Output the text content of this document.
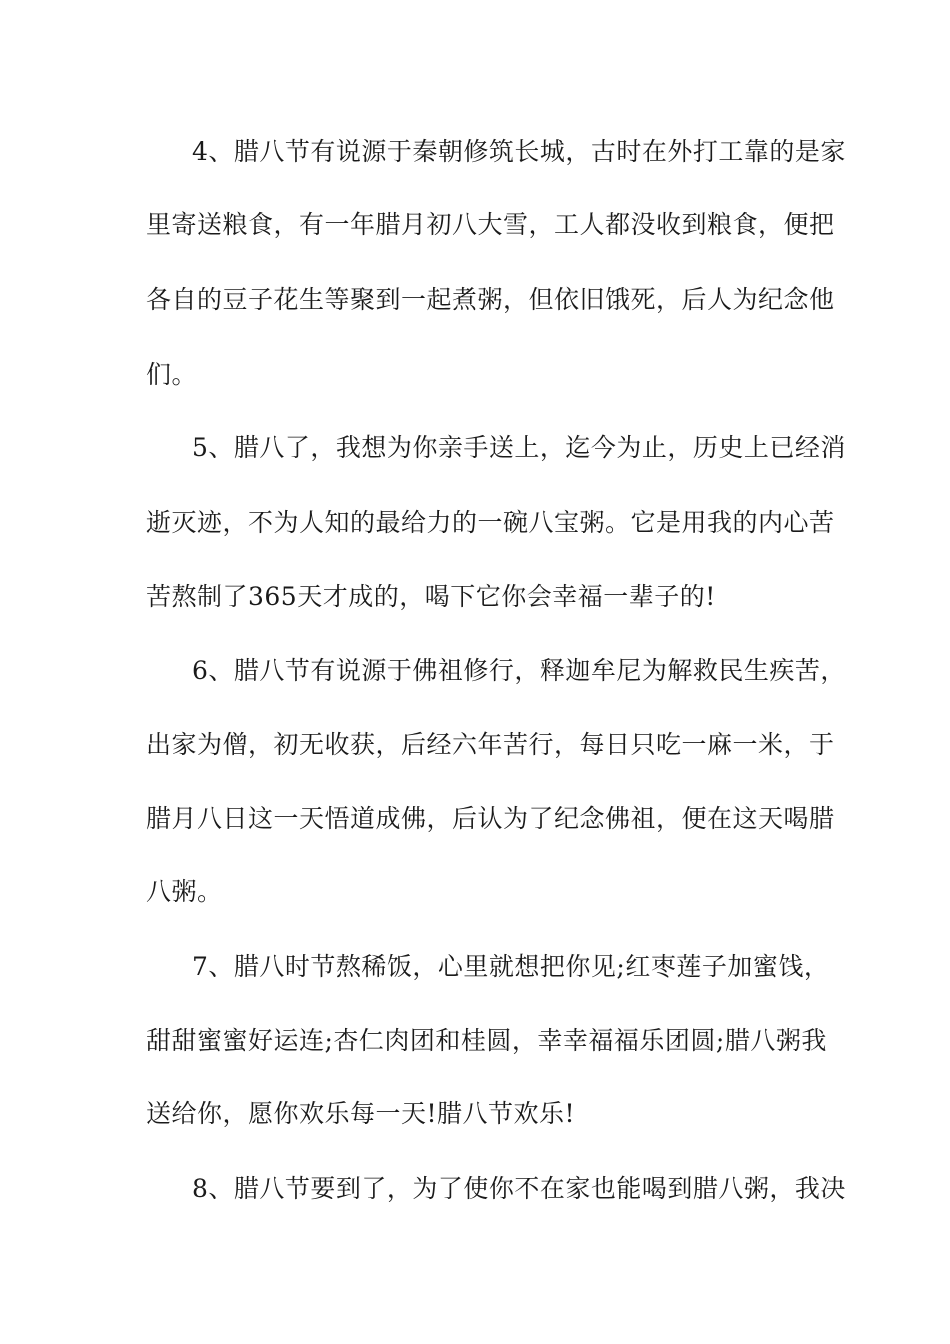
4、腊八节有说源于秦朝修筑长城，古时在外打工靠的是家
里寄送粮食，有一年腊月初八大雪，工人都没收到粮食，便把
各自的豆子花生等聚到一起煮粥，但依旧饿死，后人为纪念他
们。
5、腊八了，我想为你亲手送上，迄今为止，历史上已经消
逝灭迹，不为人知的最给力的一碗八宝粥。它是用我的内心苦
苦熬制了365天才成的，喝下它你会幸福一辈子的!
6、腊八节有说源于佛祖修行，释迦牟尼为解救民生疾苦，
出家为僧，初无收获，后经六年苦行，每日只吃一麻一米，于
腊月八日这一天悟道成佛，后认为了纪念佛祖，便在这天喝腊
八粥。
7、腊八时节熬稀饭，心里就想把你见;红枣莲子加蜜饯，
甜甜蜜蜜好运连;杏仁肉团和桂圆，幸幸福福乐团圆;腊八粥我
送给你，愿你欢乐每一天!腊八节欢乐!
8、腊八节要到了，为了使你不在家也能喝到腊八粥，我决
